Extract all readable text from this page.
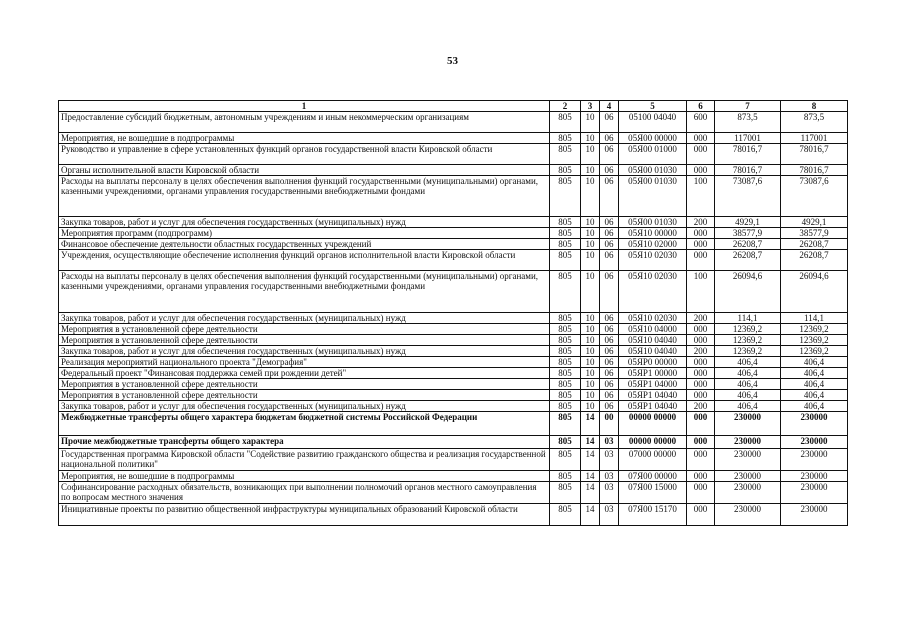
53
1	2	3	4	5	6	7	8
Предоставление субсидий бюджетным, автономным учреждениям и иным некоммерческим организациям	805	10	06	05100 04040	600	873,5	873,5
Мероприятия, не вошедшие в подпрограммы	805	10	06	05Я00 00000	000	117001	117001
Руководство и управление в сфере установленных функций органов государственной власти Кировской области	805	10	06	05Я00 01000	000	78016,7	78016,7
Органы исполнительной власти Кировской области	805	10	06	05Я00 01030	000	78016,7	78016,7
Расходы на выплаты персоналу в целях обеспечения выполнения функций государственными (муниципальными) органами, казенными учреждениями, органами управления государственными внебюджетными фондами	805	10	06	05Я00 01030	100	73087,6	73087,6
Закупка товаров, работ и услуг для обеспечения государственных (муниципальных) нужд	805	10	06	05Я00 01030	200	4929,1	4929,1
Мероприятия программ (подпрограмм)	805	10	06	05Я10 00000	000	38577,9	38577,9
Финансовое обеспечение деятельности областных государственных учреждений	805	10	06	05Я10 02000	000	26208,7	26208,7
Учреждения, осуществляющие обеспечение исполнения функций органов исполнительной власти Кировской области	805	10	06	05Я10 02030	000	26208,7	26208,7
Расходы на выплаты персоналу в целях обеспечения выполнения функций государственными (муниципальными) органами, казенными учреждениями, органами управления государственными внебюджетными фондами	805	10	06	05Я10 02030	100	26094,6	26094,6
Закупка товаров, работ и услуг для обеспечения государственных (муниципальных) нужд	805	10	06	05Я10 02030	200	114,1	114,1
Мероприятия в установленной сфере деятельности	805	10	06	05Я10 04000	000	12369,2	12369,2
Мероприятия в установленной сфере деятельности	805	10	06	05Я10 04040	000	12369,2	12369,2
Закупка товаров, работ и услуг для обеспечения государственных (муниципальных) нужд	805	10	06	05Я10 04040	200	12369,2	12369,2
Реализация мероприятий национального проекта "Демография"	805	10	06	05ЯР0 00000	000	406,4	406,4
Федеральный проект "Финансовая поддержка семей при рождении детей"	805	10	06	05ЯР1 00000	000	406,4	406,4
Мероприятия в установленной сфере деятельности	805	10	06	05ЯР1 04000	000	406,4	406,4
Мероприятия в установленной сфере деятельности	805	10	06	05ЯР1 04040	000	406,4	406,4
Закупка товаров, работ и услуг для обеспечения государственных (муниципальных) нужд	805	10	06	05ЯР1 04040	200	406,4	406,4
Межбюджетные трансферты общего характера бюджетам бюджетной системы Российской Федерации	805	14	00	00000 00000	000	230000	230000
Прочие межбюджетные трансферты общего характера	805	14	03	00000 00000	000	230000	230000
Государственная программа Кировской области "Содействие развитию гражданского общества и реализация государственной национальной политики"	805	14	03	07000 00000	000	230000	230000
Мероприятия, не вошедшие в подпрограммы	805	14	03	07Я00 00000	000	230000	230000
Софинансирование расходных обязательств, возникающих при выполнении полномочий органов местного самоуправления по вопросам местного значения	805	14	03	07Я00 15000	000	230000	230000
Инициативные проекты по развитию общественной инфраструктуры муниципальных образований Кировской области	805	14	03	07Я00 15170	000	230000	230000
